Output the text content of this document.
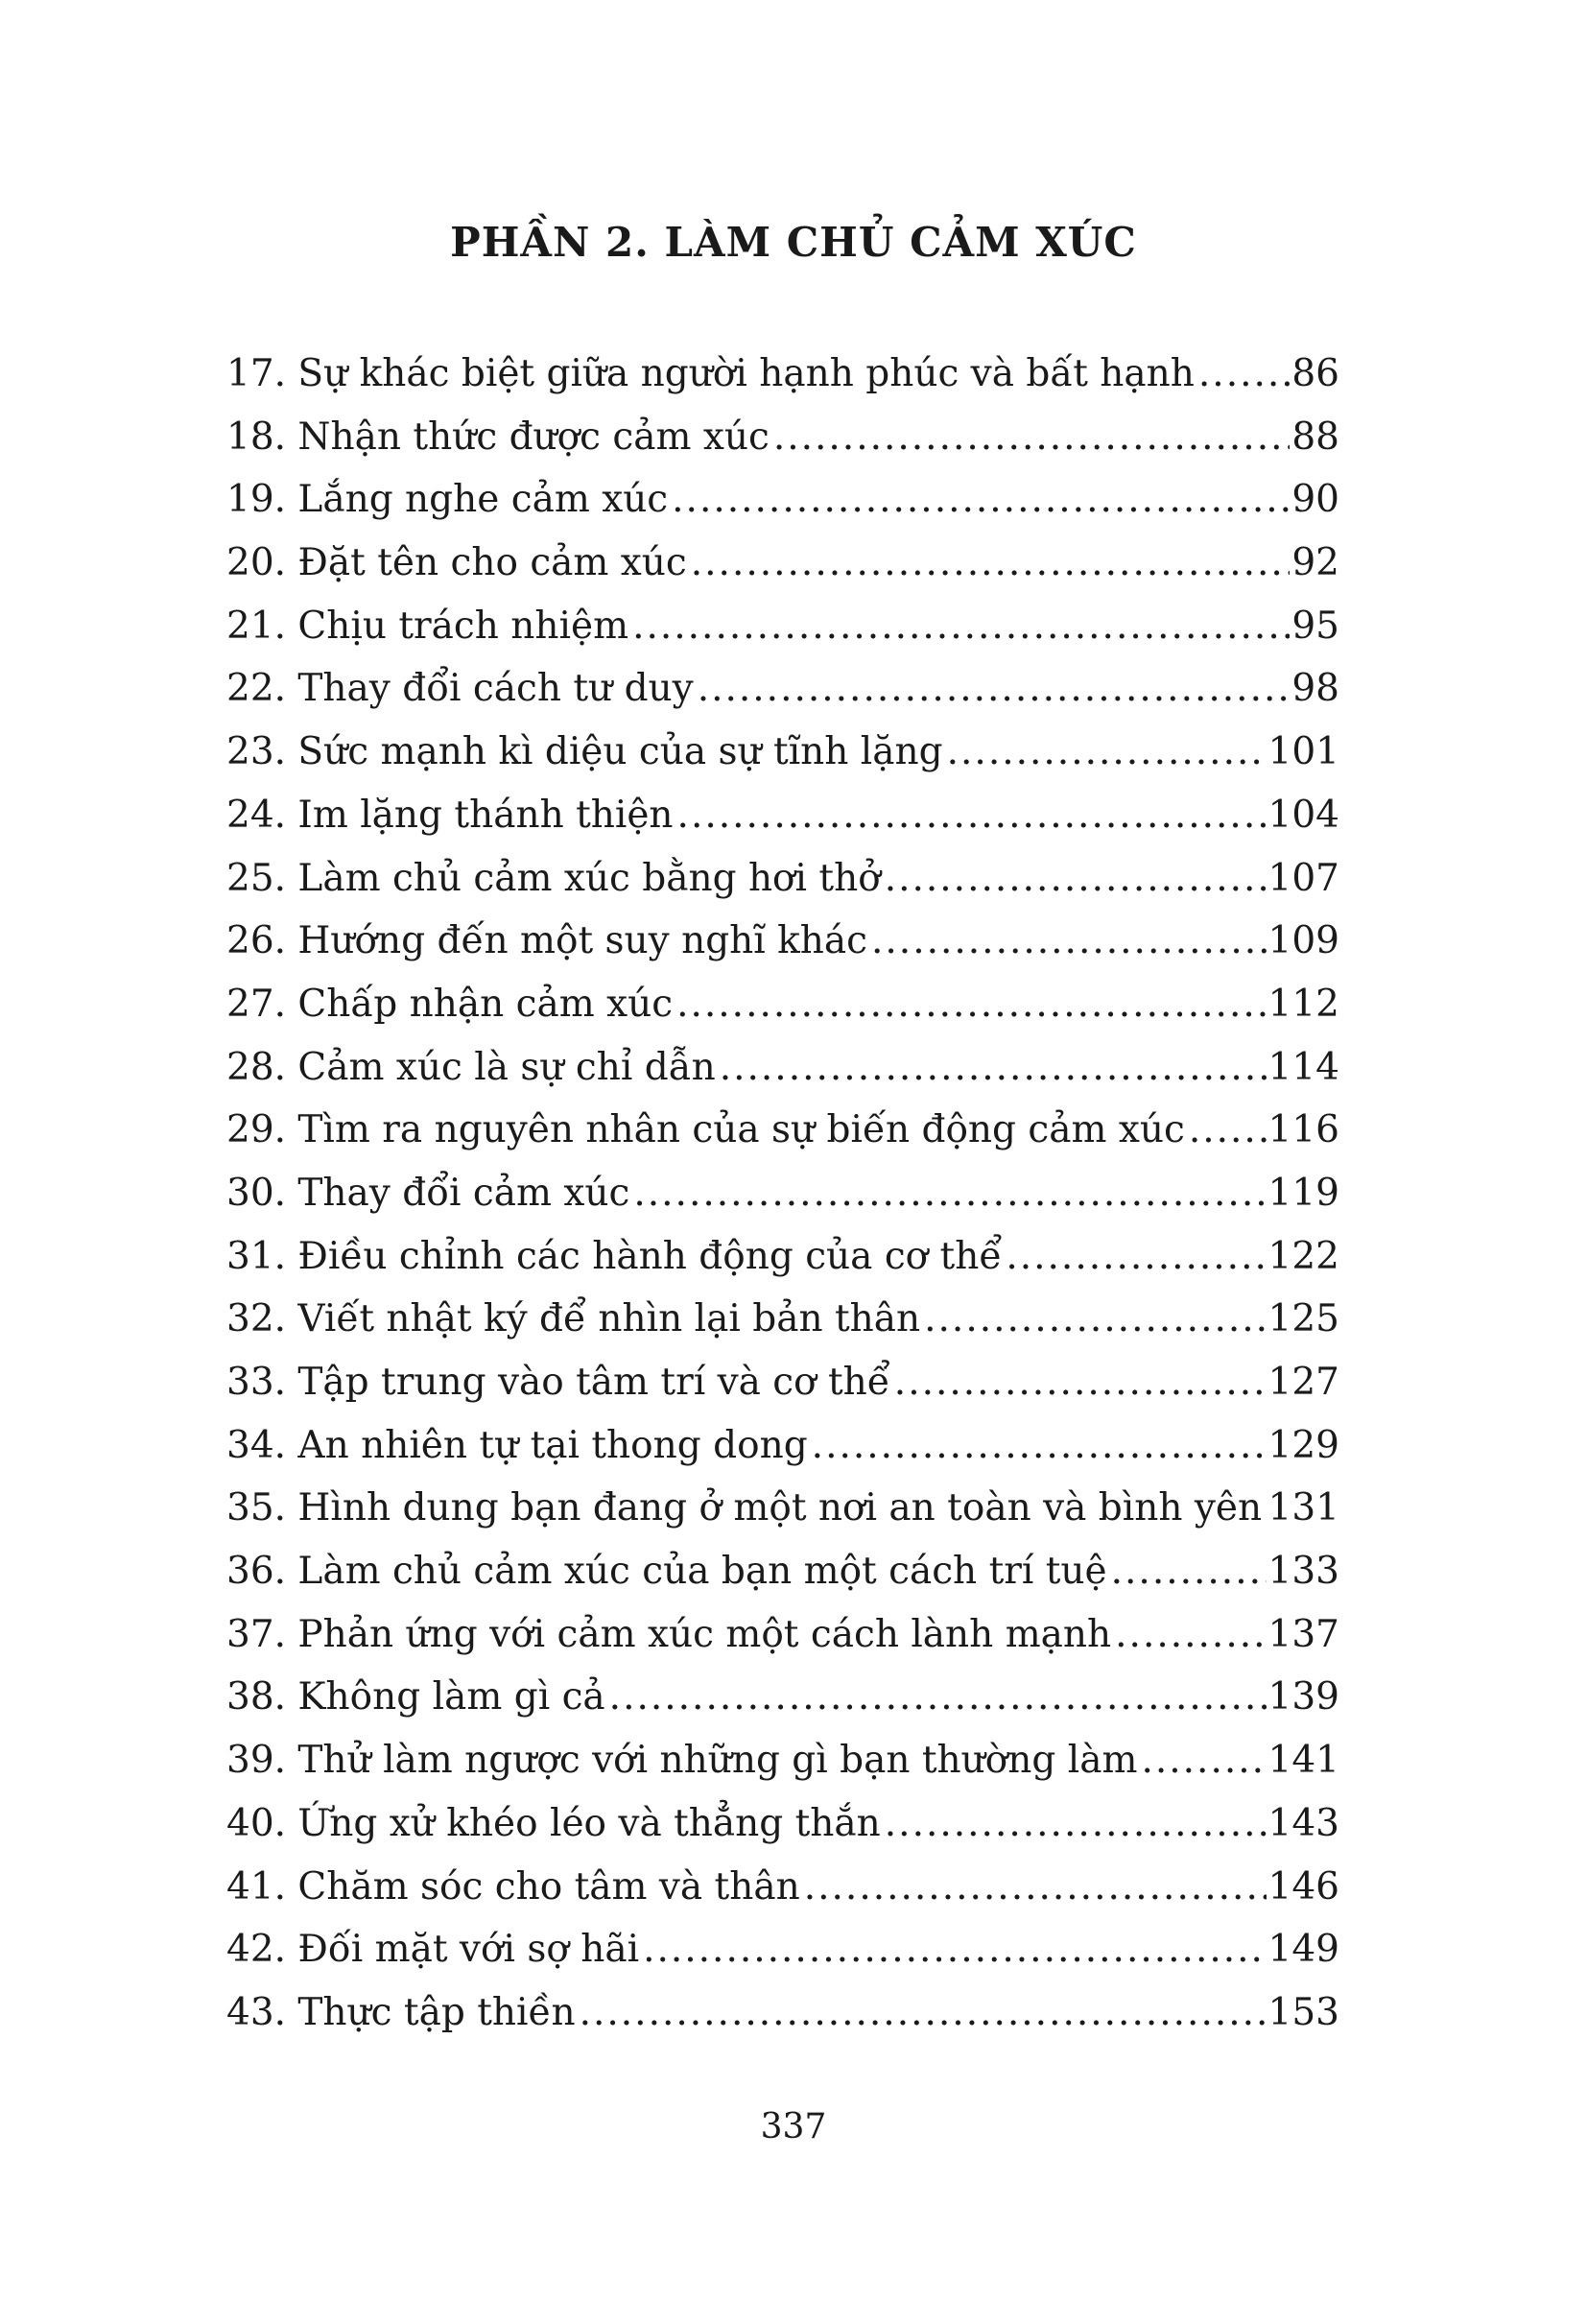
PHẦN 2. LÀM CHỦ CẢM XÚC
17. Sự khác biệt giữa người hạnh phúc và bất hạnh .....	86
18. Nhận thức được cảm xúc .....	88
19. Lắng nghe cảm xúc .....	90
20. Đặt tên cho cảm xúc .....	92
21. Chịu trách nhiệm .....	95
22. Thay đổi cách tư duy .....	98
23. Sức mạnh kì diệu của sự tĩnh lặng .....	101
24. Im lặng thánh thiện .....	104
25. Làm chủ cảm xúc bằng hơi thở .....	107
26. Hướng đến một suy nghĩ khác .....	109
27. Chấp nhận cảm xúc .....	112
28. Cảm xúc là sự chỉ dẫn .....	114
29. Tìm ra nguyên nhân của sự biến động cảm xúc ..... 116
30. Thay đổi cảm xúc .....	119
31. Điều chỉnh các hành động của cơ thể .....	122
32. Viết nhật ký để nhìn lại bản thân .....	125
33. Tập trung vào tâm trí và cơ thể .....	127
34. An nhiên tự tại thong dong .....	129
35. Hình dung bạn đang ở một nơi an toàn và bình yên ..... 131
36. Làm chủ cảm xúc của bạn một cách trí tuệ .....	133
37. Phản ứng với cảm xúc một cách lành mạnh .....	137
38. Không làm gì cả .....	139
39. Thử làm ngược với những gì bạn thường làm .....	141
40. Ứng xử khéo léo và thẳng thắn .....	143
41. Chăm sóc cho tâm và thân .....	146
42. Đối mặt với sợ hãi .....	149
43. Thực tập thiền .....	153

337
